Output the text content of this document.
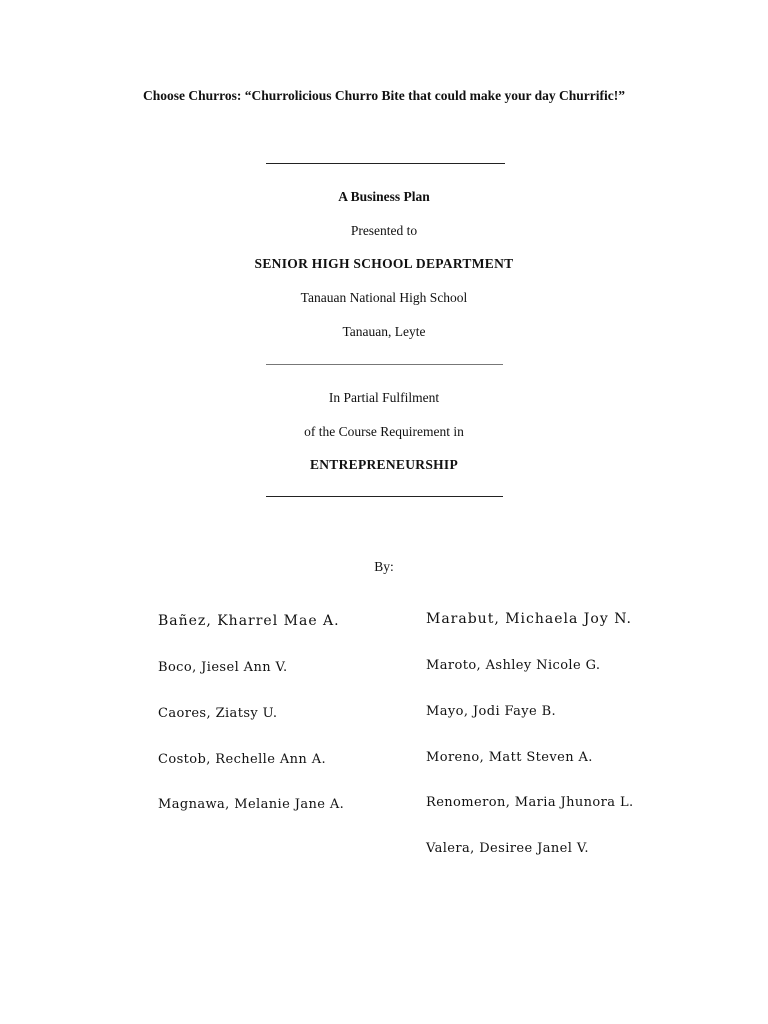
Choose Churros: “Churrolicious Churro Bite that could make your day Churrific!”
A Business Plan
Presented to
SENIOR HIGH SCHOOL DEPARTMENT
Tanauan National High School
Tanauan, Leyte
In Partial Fulfilment
of the Course Requirement in
ENTREPRENEURSHIP
By:
Bañez, Kharrel Mae A.
Boco, Jiesel Ann V.
Caores, Ziatsy U.
Costob, Rechelle Ann A.
Magnawa, Melanie Jane A.
Marabut, Michaela Joy N.
Maroto, Ashley Nicole G.
Mayo, Jodi Faye B.
Moreno, Matt Steven A.
Renomeron, Maria Jhunora L.
Valera, Desiree Janel V.
